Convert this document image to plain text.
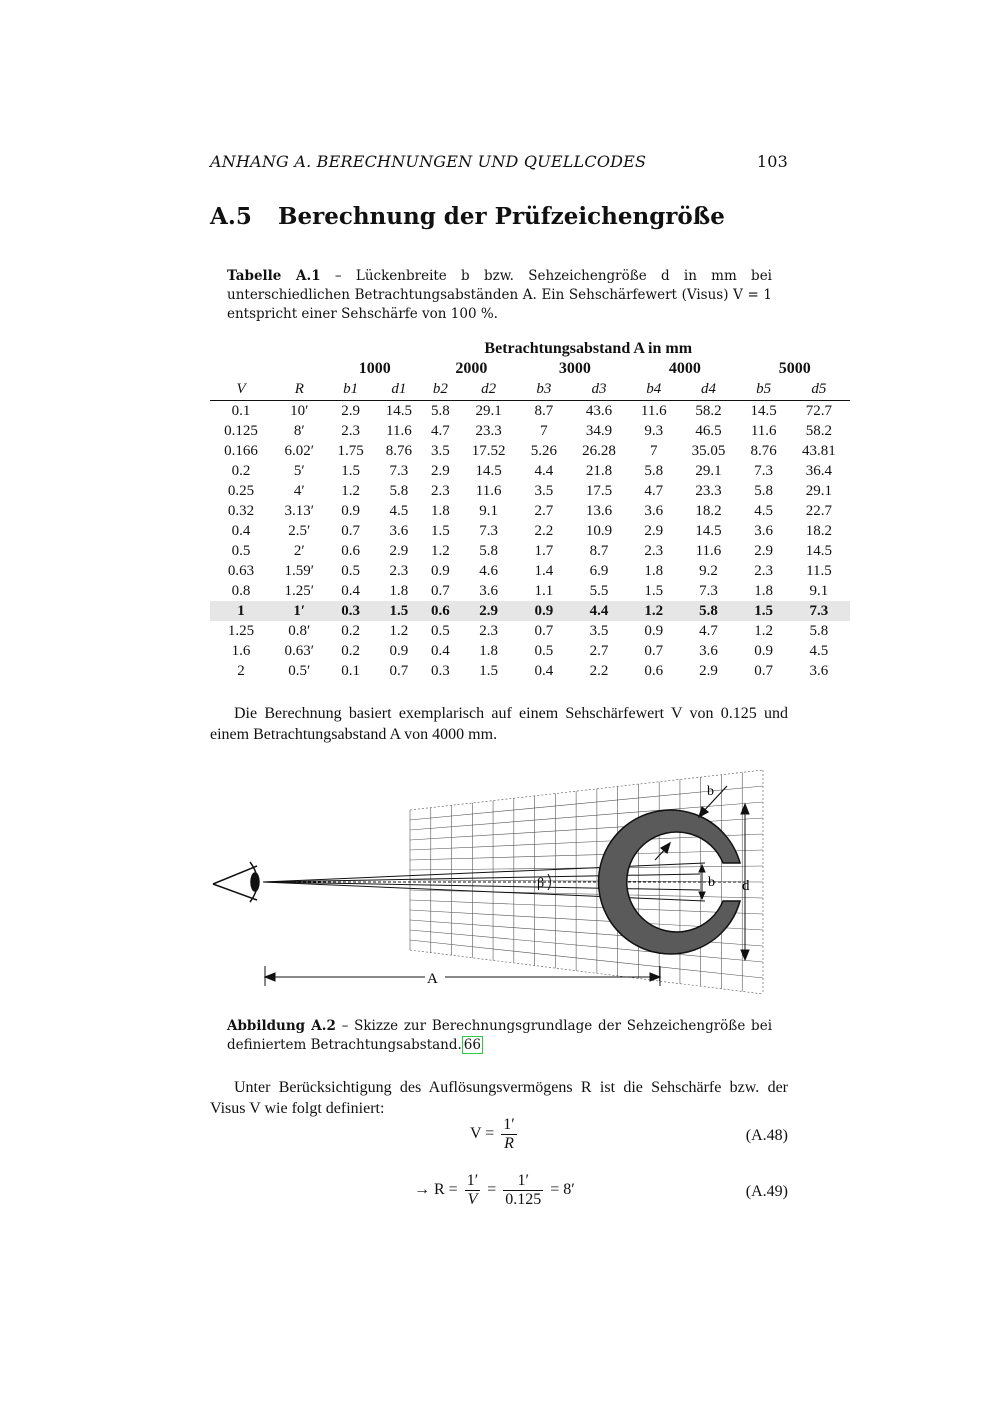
ANHANG A. BERECHNUNGEN UND QUELLCODES	103
A.5 Berechnung der Prüfzeichengröße
Tabelle A.1 – Lückenbreite b bzw. Sehzeichengröße d in mm bei unterschiedlichen Betrachtungsabständen A. Ein Sehschärfewert (Visus) V = 1 entspricht einer Sehschärfe von 100 %.
		Betrachtungsabstand A in mm									
		1000		2000		3000		4000		5000	
V	R	b1	d1	b2	d2	b3	d3	b4	d4	b5	d5
0.1	10′	2.9	14.5	5.8	29.1	8.7	43.6	11.6	58.2	14.5	72.7
0.125	8′	2.3	11.6	4.7	23.3	7	34.9	9.3	46.5	11.6	58.2
0.166	6.02′	1.75	8.76	3.5	17.52	5.26	26.28	7	35.05	8.76	43.81
0.2	5′	1.5	7.3	2.9	14.5	4.4	21.8	5.8	29.1	7.3	36.4
0.25	4′	1.2	5.8	2.3	11.6	3.5	17.5	4.7	23.3	5.8	29.1
0.32	3.13′	0.9	4.5	1.8	9.1	2.7	13.6	3.6	18.2	4.5	22.7
0.4	2.5′	0.7	3.6	1.5	7.3	2.2	10.9	2.9	14.5	3.6	18.2
0.5	2′	0.6	2.9	1.2	5.8	1.7	8.7	2.3	11.6	2.9	14.5
0.63	1.59′	0.5	2.3	0.9	4.6	1.4	6.9	1.8	9.2	2.3	11.5
0.8	1.25′	0.4	1.8	0.7	3.6	1.1	5.5	1.5	7.3	1.8	9.1
1	1′	0.3	1.5	0.6	2.9	0.9	4.4	1.2	5.8	1.5	7.3
1.25	0.8′	0.2	1.2	0.5	2.3	0.7	3.5	0.9	4.7	1.2	5.8
1.6	0.63′	0.2	0.9	0.4	1.8	0.5	2.7	0.7	3.6	0.9	4.5
2	0.5′	0.1	0.7	0.3	1.5	0.4	2.2	0.6	2.9	0.7	3.6
Die Berechnung basiert exemplarisch auf einem Sehschärfewert V von 0.125 und einem Betrachtungsabstand A von 4000 mm.
β	d
b
b
A
Abbildung A.2 – Skizze zur Berechnungsgrundlage der Sehzeichengröße bei definiertem Betrachtungsabstand. 66
Unter Berücksichtigung des Auflösungsvermögens R ist die Sehschärfe bzw. der Visus V wie folgt definiert:
$V = \frac{1'}{R}$	(A.48)
→ $R = \frac{1'}{V} = \frac{1'}{0.125} = 8'$	(A.49)
